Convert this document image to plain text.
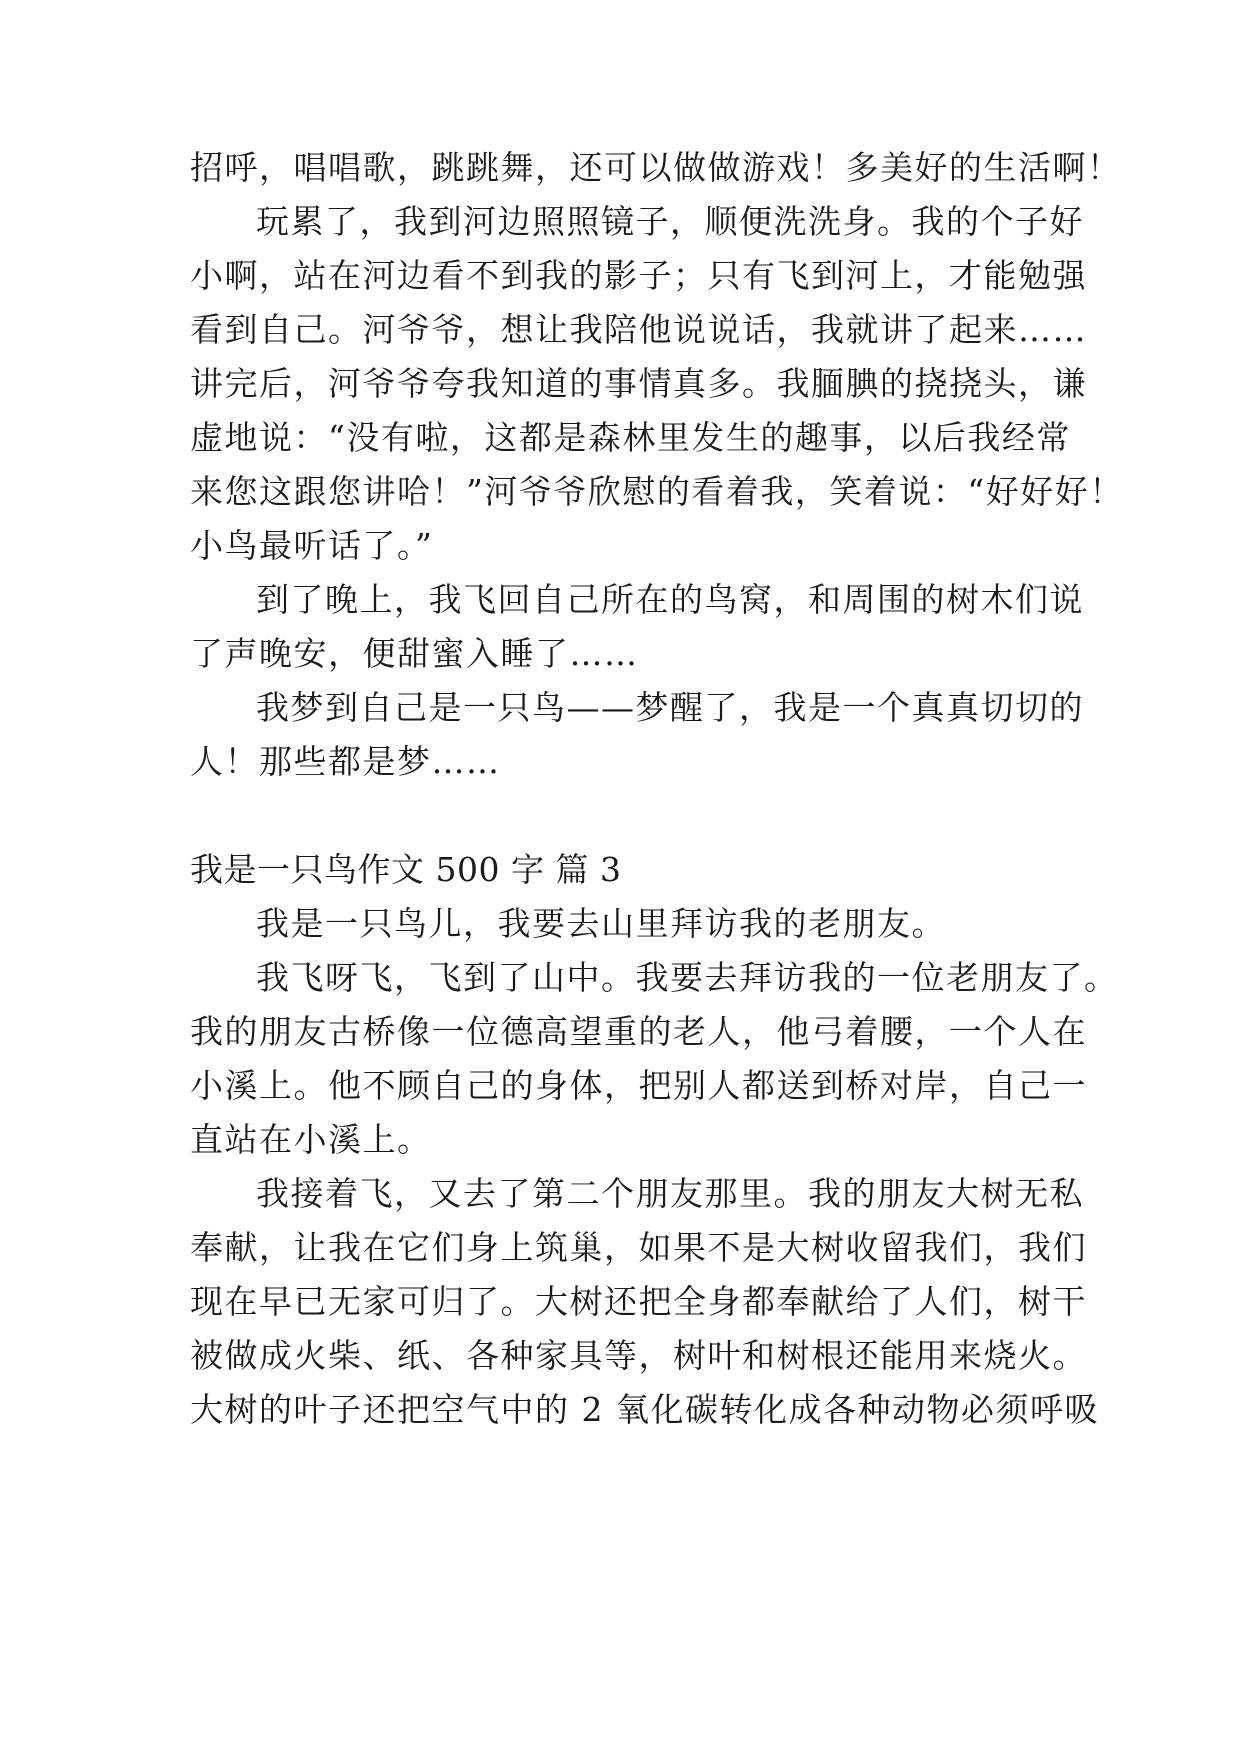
招呼，唱唱歌，跳跳舞，还可以做做游戏！多美好的生活啊！
玩累了，我到河边照照镜子，顺便洗洗身。我的个子好
小啊，站在河边看不到我的影子；只有飞到河上，才能勉强
看到自己。河爷爷，想让我陪他说说话，我就讲了起来……
讲完后，河爷爷夸我知道的事情真多。我腼腆的挠挠头，谦
虚地说：“没有啦，这都是森林里发生的趣事，以后我经常
来您这跟您讲哈！”河爷爷欣慰的看着我，笑着说：“好好好！
小鸟最听话了。”
到了晚上，我飞回自己所在的鸟窝，和周围的树木们说
了声晚安，便甜蜜入睡了……
我梦到自己是一只鸟——梦醒了，我是一个真真切切的
人！那些都是梦……
我是一只鸟作文 500 字 篇 3
我是一只鸟儿，我要去山里拜访我的老朋友。
我飞呀飞，飞到了山中。我要去拜访我的一位老朋友了。
我的朋友古桥像一位德高望重的老人，他弓着腰，一个人在
小溪上。他不顾自己的身体，把别人都送到桥对岸，自己一
直站在小溪上。
我接着飞，又去了第二个朋友那里。我的朋友大树无私
奉献，让我在它们身上筑巢，如果不是大树收留我们，我们
现在早已无家可归了。大树还把全身都奉献给了人们，树干
被做成火柴、纸、各种家具等，树叶和树根还能用来烧火。
大树的叶子还把空气中的 2 氧化碳转化成各种动物必须呼吸
